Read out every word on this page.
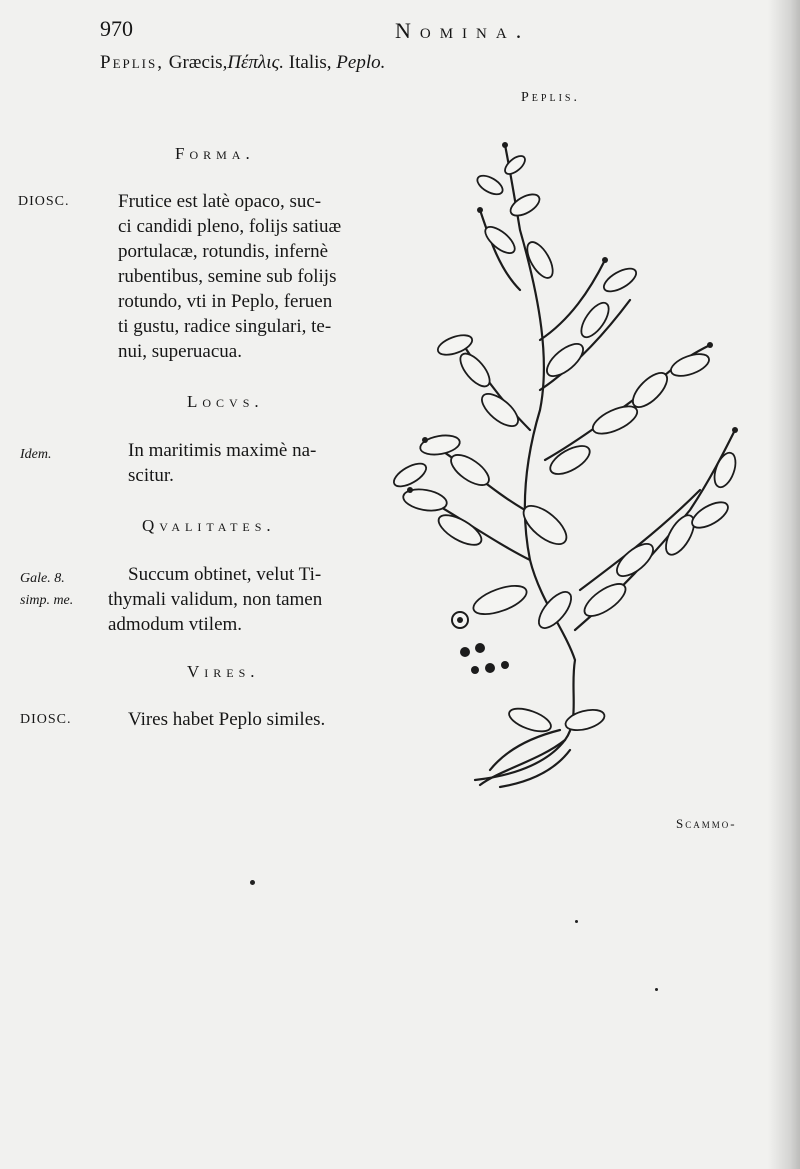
970	Nomina.
Peplis, Græcis,Πέπλις. Italis, Peplo.
Peplis.
Forma.
DIOSC.	Frutice est latè opaco, suc-
ci candidi pleno, folijs satiuæ
portulacæ, rotundis, infernè
rubentibus, semine sub folijs
rotundo, vti in Peplo, feruen
ti gustu, radice singulari, te-
nui, superuacua.
Locvs.
Idem.	In maritimis maximè na-
scitur.
Qvalitates.
Gale. 8.
simp. me.
Succum obtinet, velut Ti-
thymali validum, non tamen
admodum vtilem.
Vires.
DIOSC.	Vires habet Peplo similes.
Scammo-
